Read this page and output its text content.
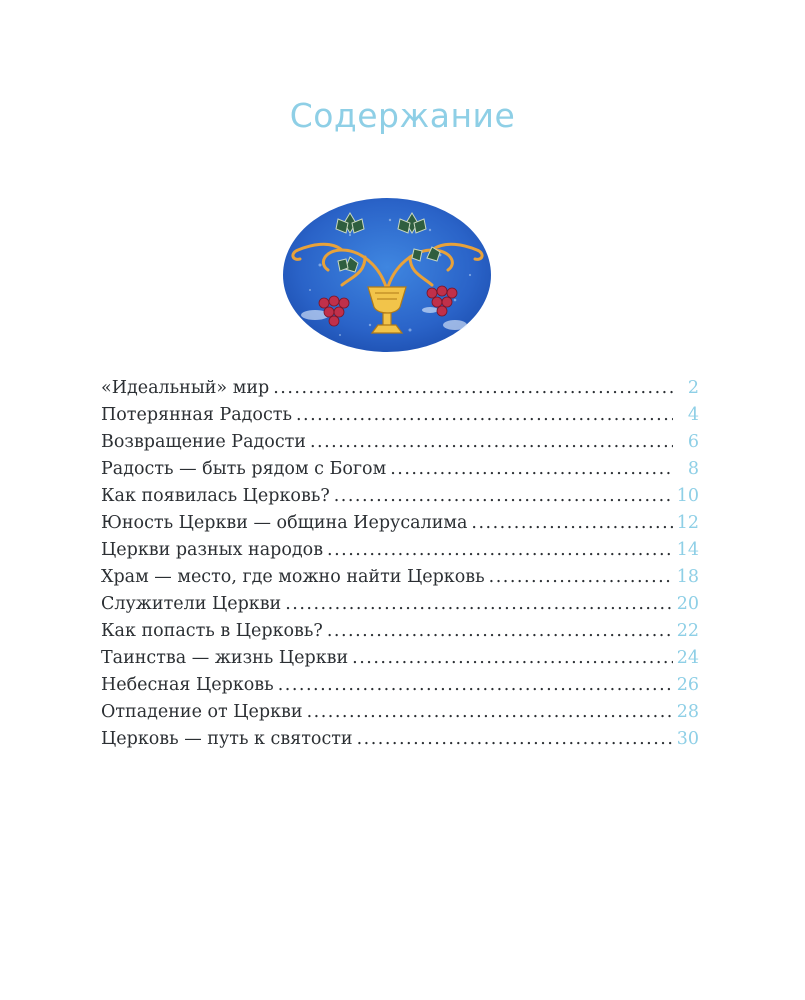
Содержание
«Идеальный» мир .....	2
Потерянная Радость .....	4
Возвращение Радости .....	6
Радость — быть рядом с Богом .....	8
Как появилась Церковь? .....	10
Юность Церкви — община Иерусалима .....	12
Церкви разных народов .....	14
Храм — место, где можно найти Церковь .....	18
Служители Церкви .....	20
Как попасть в Церковь? .....	22
Таинства — жизнь Церкви .....	24
Небесная Церковь .....	26
Отпадение от Церкви .....	28
Церковь — путь к святости .....	30
